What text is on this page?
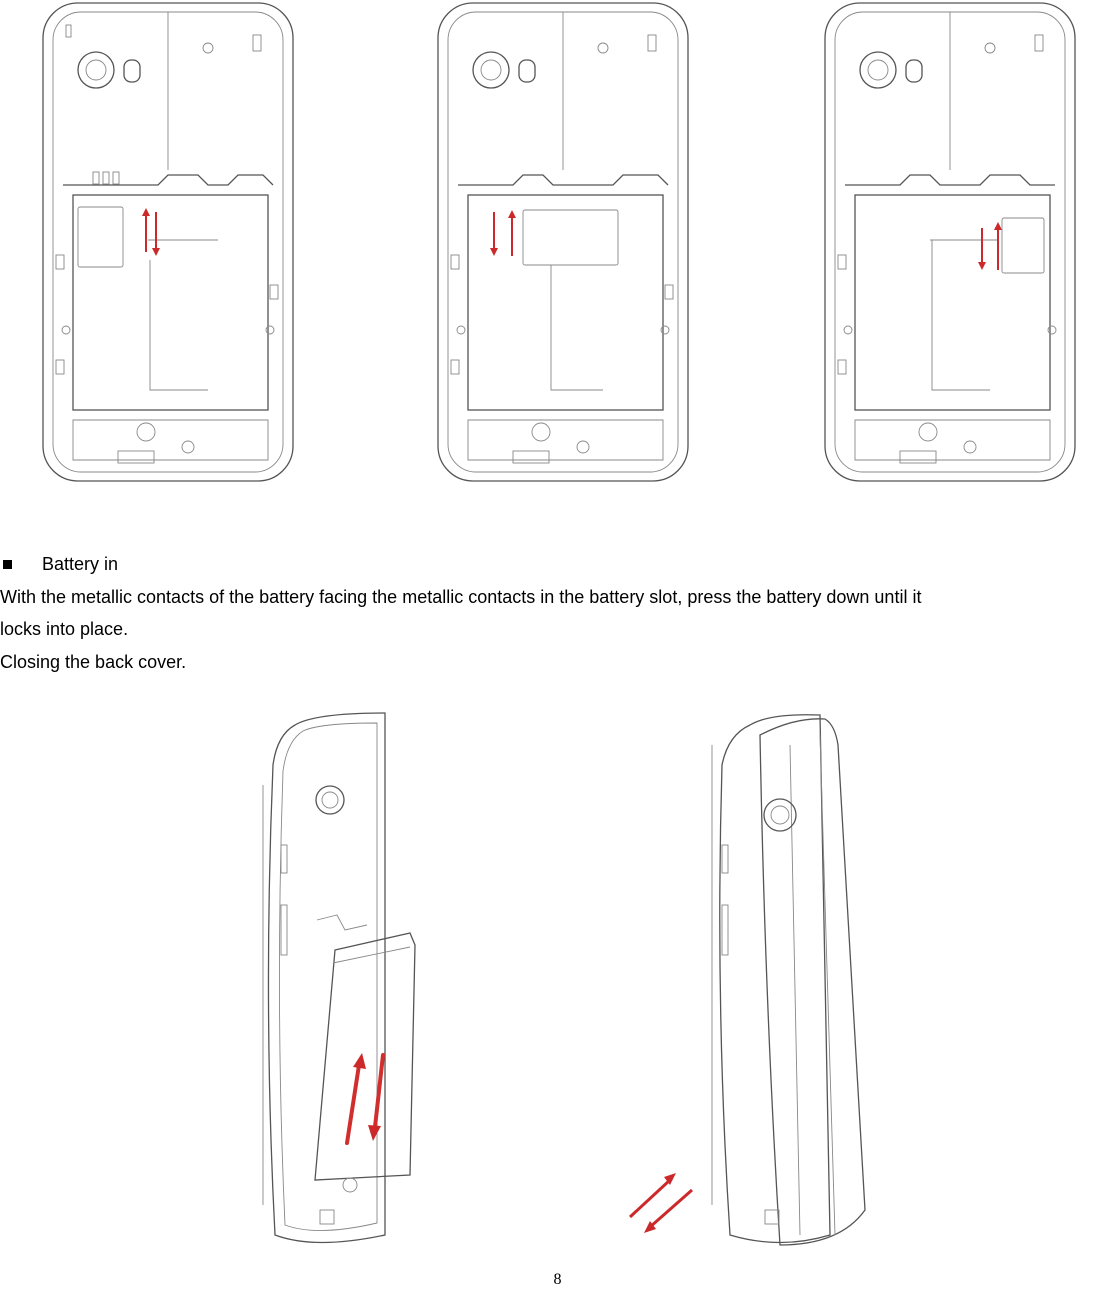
Battery in
With the metallic contacts of the battery facing the metallic contacts in the battery slot, press the battery down until it
locks into place.
Closing the back cover.
8
